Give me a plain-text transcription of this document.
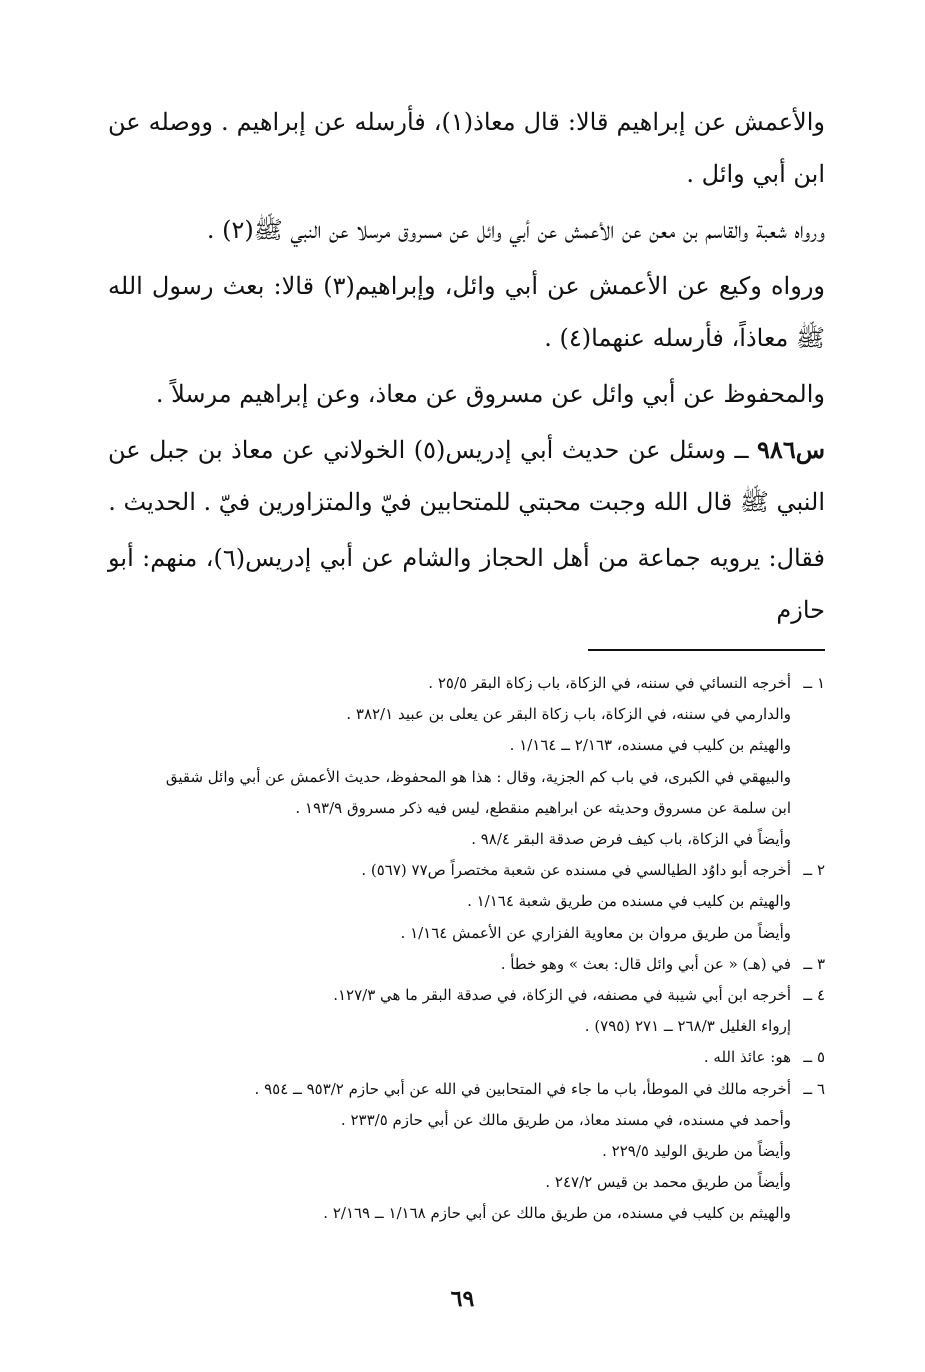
والأعمش عن إبراهيم قالا: قال معاذ(١)، فأرسله عن إبراهيم . ووصله عن ابن أبي وائل .

ورواه شعبة والقاسم بن معن عن الأعمش عن أبي وائل عن مسروق مرسلا عن النبي ﷺ(٢) .

ورواه وكيع عن الأعمش عن أبي وائل، وإبراهيم(٣) قالا: بعث رسول الله ﷺ معاذاً، فأرسله عنهما(٤) .

والمحفوظ عن أبي وائل عن مسروق عن معاذ، وعن إبراهيم مرسلاً .

س٩٨٦ ــ وسئل عن حديث أبي إدريس(٥) الخولاني عن معاذ بن جبل عن النبي ﷺ قال الله وجبت محبتي للمتحابين فيّ والمتزاورين فيّ . الحديث .

فقال: يرويه جماعة من أهل الحجاز والشام عن أبي إدريس(٦)، منهم: أبو حازم

١ ــ
أخرجه النسائي في سننه، في الزكاة، باب زكاة البقر ٢٥/٥ .
والدارمي في سننه، في الزكاة، باب زكاة البقر عن يعلى بن عبيد ٣٨٢/١ .
والهيثم بن كليب في مسنده، ٢/١٦٣ ــ ١/١٦٤ .
والبيهقي في الكبرى، في باب كم الجزية، وقال : هذا هو المحفوظ، حديث الأعمش عن أبي وائل شقيق
ابن سلمة عن مسروق وحديثه عن ابراهيم منقطع، ليس فيه ذكر مسروق ١٩٣/٩ .
وأيضاً في الزكاة، باب كيف فرض صدقة البقر ٩٨/٤ .
٢ ــ
أخرجه أبو داوُد الطيالسي في مسنده عن شعبة مختصراً ص٧٧ (٥٦٧) .
والهيثم بن كليب في مسنده من طريق شعبة ١/١٦٤ .
وأيضاً من طريق مروان بن معاوية الفزاري عن الأعمش ١/١٦٤ .
٣ ــ
في (هـ) « عن أبي وائل قال: بعث » وهو خطأ .
٤ ــ
أخرجه ابن أبي شيبة في مصنفه، في الزكاة، في صدقة البقر ما هي ١٢٧/٣.
إرواء الغليل ٢٦٨/٣ ــ ٢٧١ (٧٩٥) .
٥ ــ
هو: عائذ الله .
٦ ــ
أخرجه مالك في الموطأ، باب ما جاء في المتحابين في الله عن أبي حازم ٩٥٣/٢ ــ ٩٥٤ .
وأحمد في مسنده، في مسند معاذ، من طريق مالك عن أبي حازم ٢٣٣/٥ .
وأيضاً من طريق الوليد ٢٢٩/٥ .
وأيضاً من طريق محمد بن قيس ٢٤٧/٢ .
والهيثم بن كليب في مسنده، من طريق مالك عن أبي حازم ١/١٦٨ ــ ٢/١٦٩ .
٦٩
